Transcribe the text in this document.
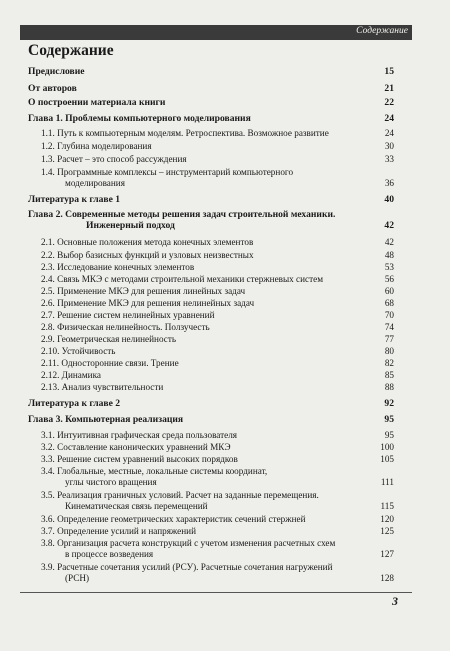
Содержание
Содержание
Предисловие	15
От авторов	21
О построении материала книги	22
Глава 1. Проблемы компьютерного моделирования	24
1.1. Путь к компьютерным моделям. Ретроспектива. Возможное развитие	24
1.2. Глубина моделирования	30
1.3. Расчет – это способ рассуждения	33
1.4. Программные комплексы – инструментарий компьютерного
моделирования	36
Литература к главе 1	40
Глава 2. Современные методы решения задач строительной механики.
Инженерный подход	42
2.1. Основные положения метода конечных элементов	42
2.2. Выбор базисных функций и узловых неизвестных	48
2.3. Исследование конечных элементов	53
2.4. Связь МКЭ с методами строительной механики стержневых систем	56
2.5. Применение МКЭ для решения линейных задач	60
2.6. Применение МКЭ для решения нелинейных задач	68
2.7. Решение систем нелинейных уравнений	70
2.8. Физическая нелинейность. Ползучесть	74
2.9. Геометрическая нелинейность	77
2.10. Устойчивость	80
2.11. Односторонние связи. Трение	82
2.12. Динамика	85
2.13. Анализ чувствительности	88
Литература к главе 2	92
Глава 3. Компьютерная реализация	95
3.1. Интуитивная графическая среда пользователя	95
3.2. Составление канонических уравнений МКЭ	100
3.3. Решение систем уравнений высоких порядков	105
3.4. Глобальные, местные, локальные системы координат,
углы чистого вращения	111
3.5. Реализация граничных условий. Расчет на заданные перемещения.
Кинематическая связь перемещений	115
3.6. Определение геометрических характеристик сечений стержней	120
3.7. Определение усилий и напряжений	125
3.8. Организация расчета конструкций с учетом изменения расчетных схем
в процессе возведения	127
3.9. Расчетные сочетания усилий (РСУ). Расчетные сочетания нагружений
(РСН)	128
3
